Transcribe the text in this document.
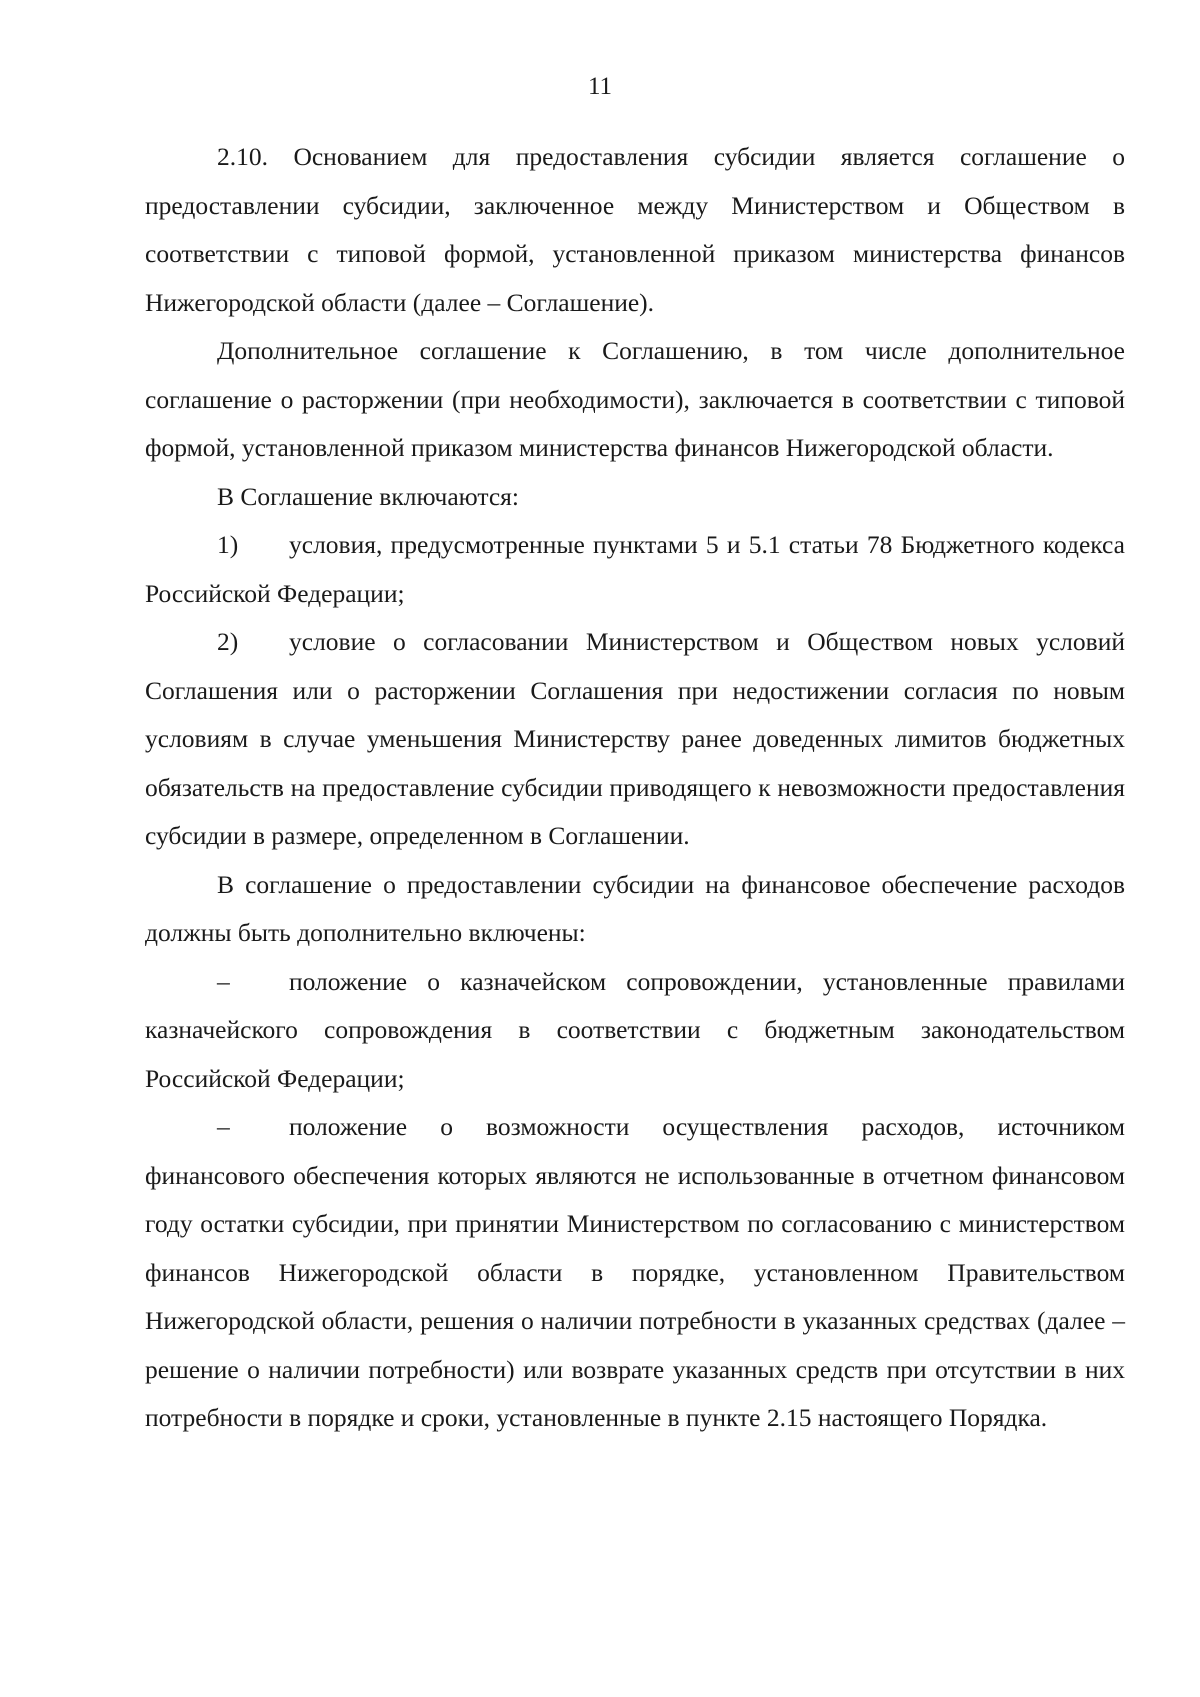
11

2.10. Основанием для предоставления субсидии является соглашение о предоставлении субсидии, заключенное между Министерством и Обществом в соответствии с типовой формой, установленной приказом министерства финансов Нижегородской области (далее – Соглашение).

Дополнительное соглашение к Соглашению, в том числе дополнительное соглашение о расторжении (при необходимости), заключается в соответствии с типовой формой, установленной приказом министерства финансов Нижегородской области.

В Соглашение включаются:

1) условия, предусмотренные пунктами 5 и 5.1 статьи 78 Бюджетного кодекса Российской Федерации;

2) условие о согласовании Министерством и Обществом новых условий Соглашения или о расторжении Соглашения при недостижении согласия по новым условиям в случае уменьшения Министерству ранее доведенных лимитов бюджетных обязательств на предоставление субсидии приводящего к невозможности предоставления субсидии в размере, определенном в Соглашении.

В соглашение о предоставлении субсидии на финансовое обеспечение расходов должны быть дополнительно включены:

– положение о казначейском сопровождении, установленные правилами казначейского сопровождения в соответствии с бюджетным законодательством Российской Федерации;

– положение о возможности осуществления расходов, источником финансового обеспечения которых являются не использованные в отчетном финансовом году остатки субсидии, при принятии Министерством по согласованию с министерством финансов Нижегородской области в порядке, установленном Правительством Нижегородской области, решения о наличии потребности в указанных средствах (далее – решение о наличии потребности) или возврате указанных средств при отсутствии в них потребности в порядке и сроки, установленные в пункте 2.15 настоящего Порядка.
